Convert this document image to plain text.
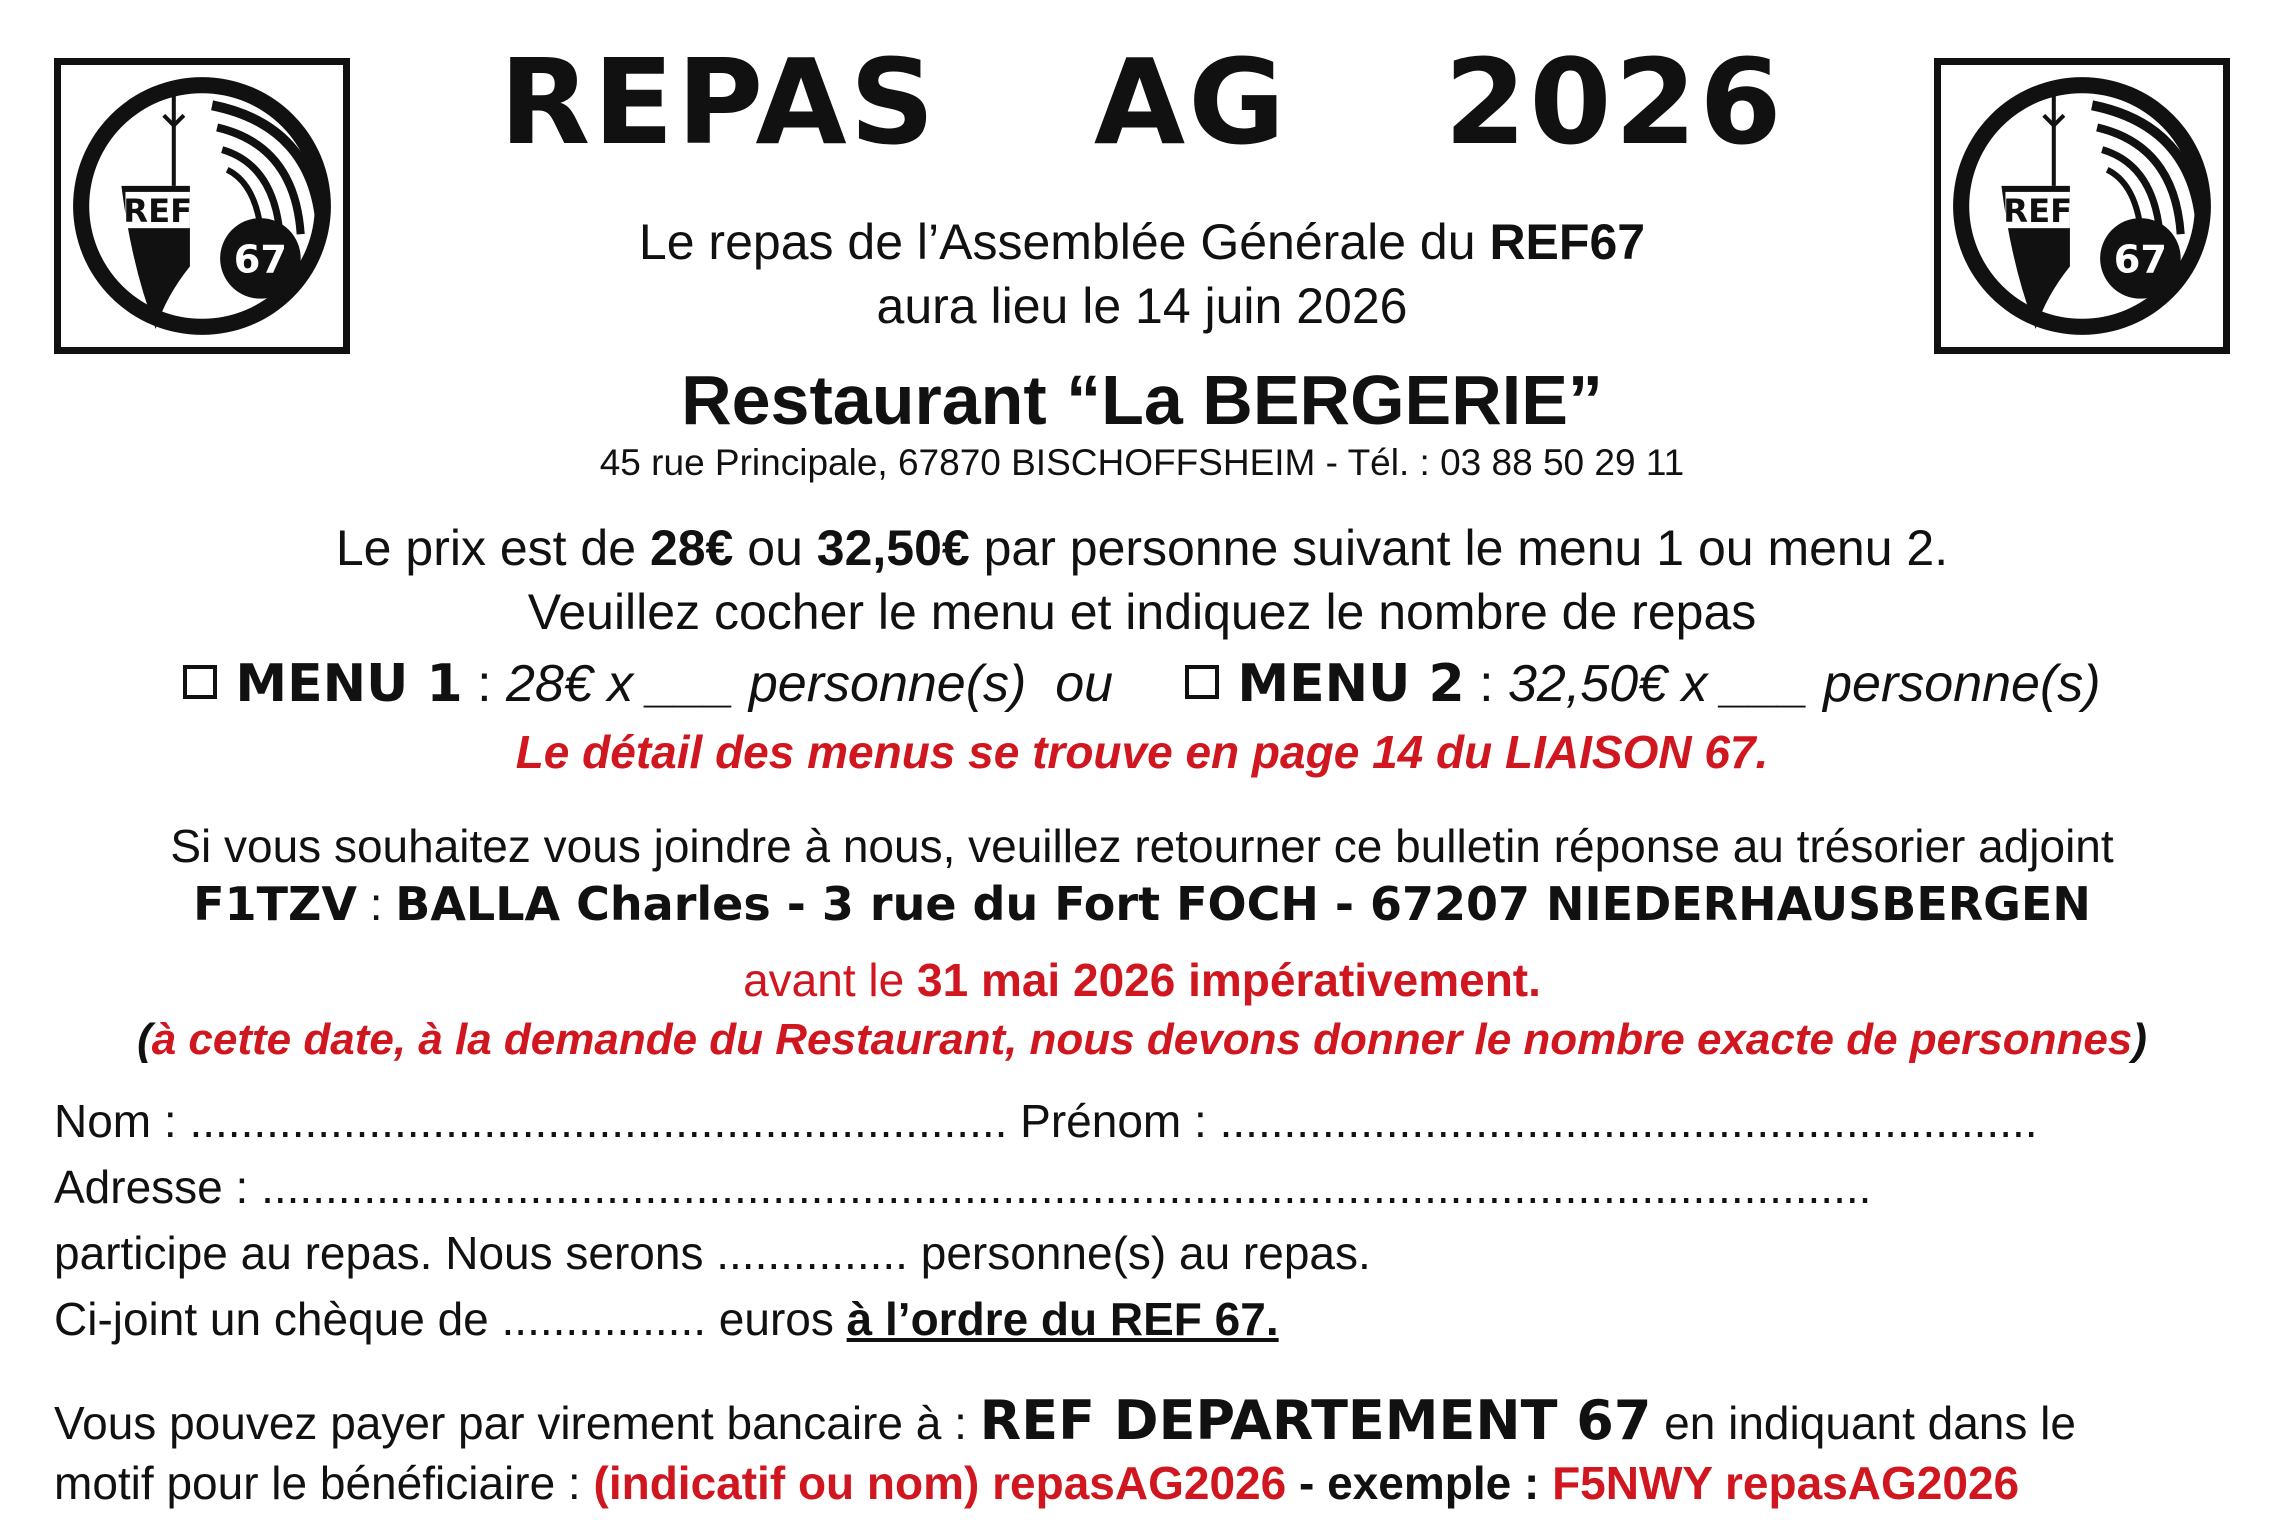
REF
67
REF
67
REPAS  AG  2026
Le repas de l’Assemblée Générale du REF67
aura lieu le 14 juin 2026
Restaurant “La BERGERIE”
45 rue Principale, 67870 BISCHOFFSHEIM - Tél. : 03 88 50 29 11
Le prix est de 28€ ou 32,50€ par personne suivant le menu 1 ou menu 2.
Veuillez cocher le menu et indiquez le nombre de repas
MENU 1 : 28€ x ___ personne(s)  ou     MENU 2 : 32,50€ x ___ personne(s)
Le détail des menus se trouve en page 14 du LIAISON 67.
Si vous souhaitez vous joindre à nous, veuillez retourner ce bulletin réponse au trésorier adjoint
F1TZV : BALLA Charles - 3 rue du Fort FOCH - 67207 NIEDERHAUSBERGEN
avant le 31 mai 2026 impérativement.
(à cette date, à la demande du Restaurant, nous devons donner le nombre exacte de personnes)
Nom : ................................................................ Prénom : ................................................................
Adresse : ..............................................................................................................................
participe au repas. Nous serons ............... personne(s) au repas.
Ci-joint un chèque de ................ euros à l’ordre du REF 67.
Vous pouvez payer par virement bancaire à : REF DEPARTEMENT 67 en indiquant dans le
motif pour le bénéficiaire : (indicatif ou nom) repasAG2026 - exemple : F5NWY repasAG2026
